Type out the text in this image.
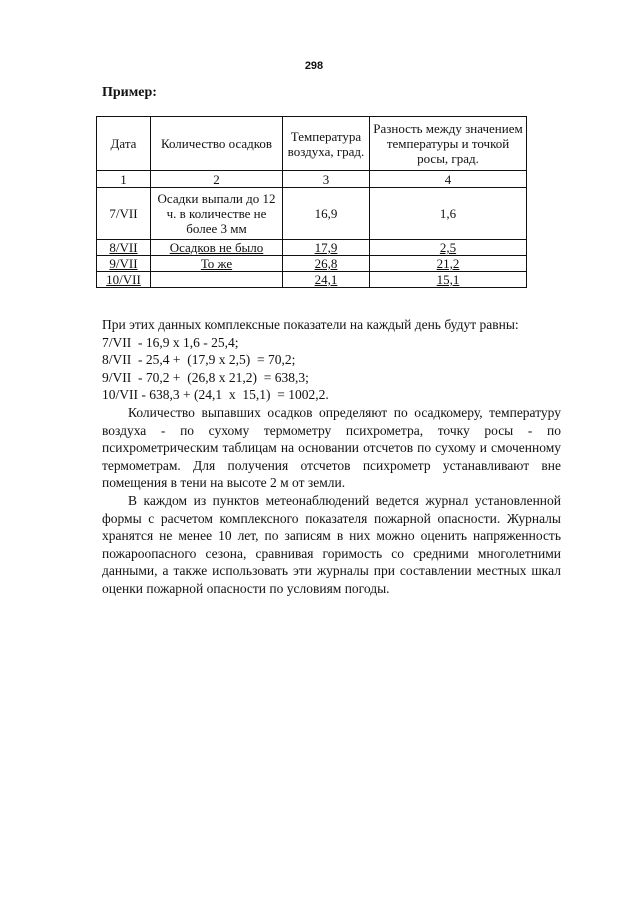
298
Пример:
Дата	Количество осадков	Температура воздуха, град.	Разность между значением температуры и точкой росы, град.
1	2	3	4
7/VII	Осадки выпали до 12 ч. в количестве не более 3 мм	16,9	1,6
8/VII	Осадков не было	17,9	2,5
9/VII	То же	26,8	21,2
10/VII		24,1	15,1

При этих данных комплексные показатели на каждый день будут равны:

7/VII  - 16,9 x 1,6 - 25,4;

8/VII  - 25,4 +  (17,9 x 2,5)  = 70,2;

9/VII  - 70,2 +  (26,8 x 21,2)  = 638,3;

10/VII - 638,3 + (24,1  x  15,1)  = 1002,2.

Количество выпавших осадков определяют по осадкомеру, температуру воздуха - по сухому термометру психрометра, точку росы - по психрометрическим таблицам на основании отсчетов по сухому и смоченному термометрам. Для получения отсчетов психрометр устанавливают вне помещения в тени на высоте 2 м от земли.

В каждом из пунктов метеонаблюдений ведется журнал установленной формы с расчетом комплексного показателя пожарной опасности. Журналы хранятся не менее 10 лет, по записям в них можно оценить напряженность пожароопасного сезона, сравнивая горимость со средними многолетними данными, а также использовать эти журналы при составлении местных шкал оценки пожарной опасности по условиям погоды.
